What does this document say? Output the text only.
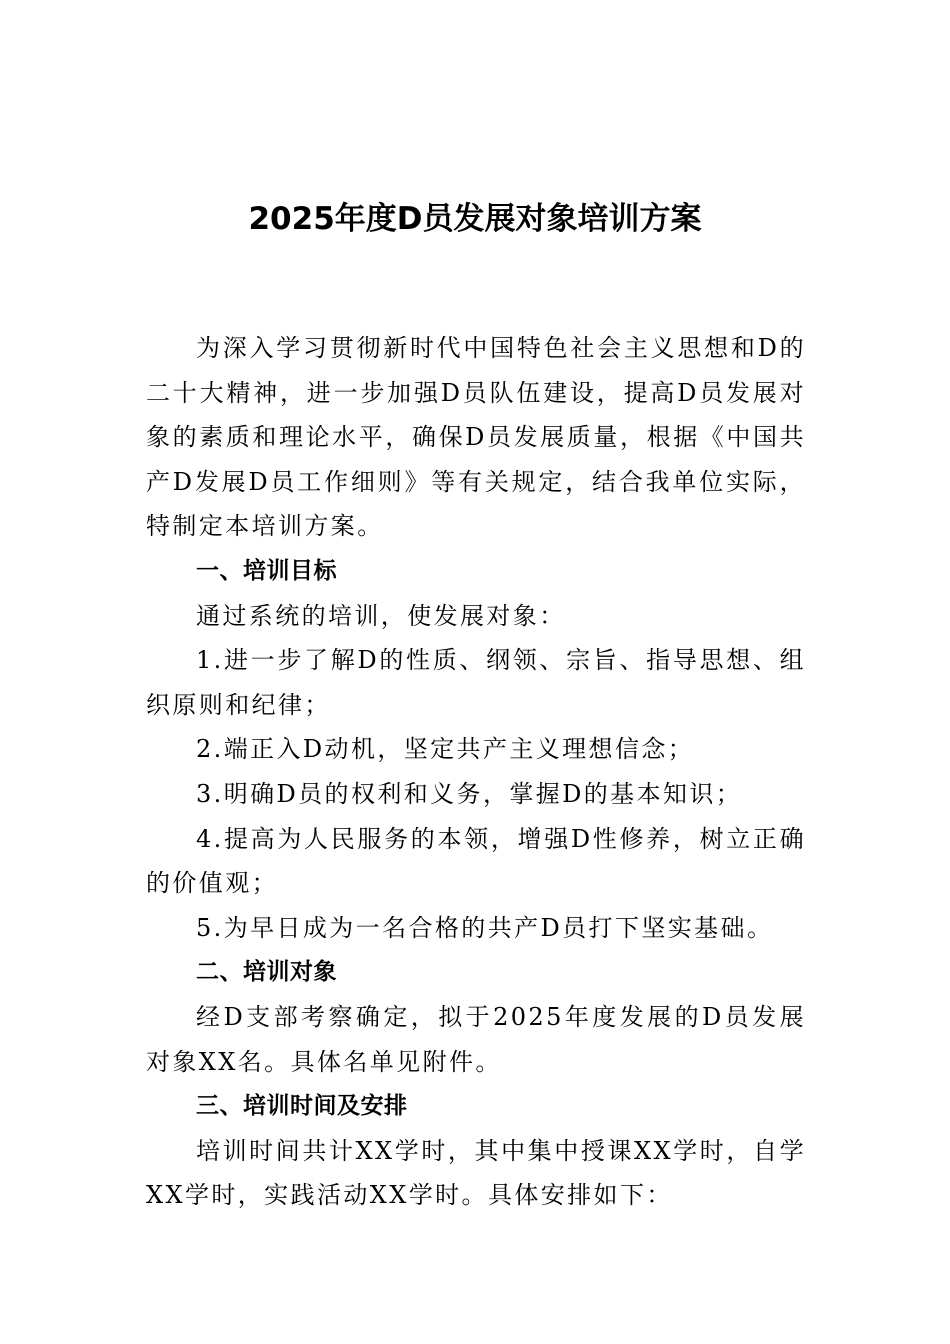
2025年度D员发展对象培训方案

为深入学习贯彻新时代中国特色社会主义思想和D的二十大精神，进一步加强D员队伍建设，提高D员发展对象的素质和理论水平，确保D员发展质量，根据《中国共产D发展D员工作细则》等有关规定，结合我单位实际，特制定本培训方案。

一、培训目标

通过系统的培训，使发展对象：

1.进一步了解D的性质、纲领、宗旨、指导思想、组织原则和纪律；

2.端正入D动机，坚定共产主义理想信念；

3.明确D员的权利和义务，掌握D的基本知识；

4.提高为人民服务的本领，增强D性修养，树立正确的价值观；

5.为早日成为一名合格的共产D员打下坚实基础。

二、培训对象

经D支部考察确定，拟于2025年度发展的D员发展对象XX名。具体名单见附件。

三、培训时间及安排

培训时间共计XX学时，其中集中授课XX学时，自学XX学时，实践活动XX学时。具体安排如下：
